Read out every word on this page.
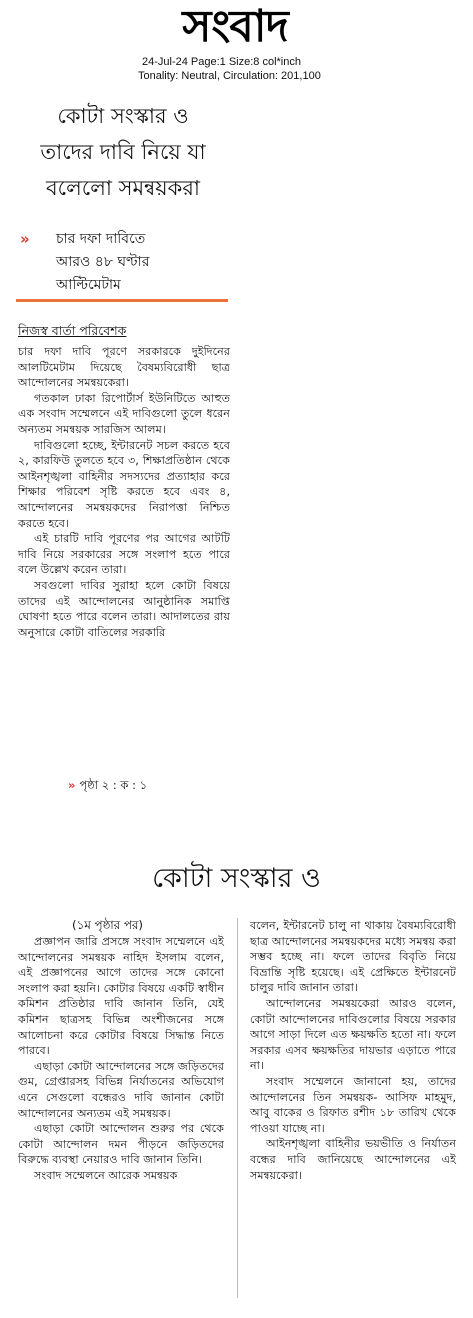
সংবাদ
24-Jul-24 Page:1 Size:8 col*inch
Tonality: Neutral, Circulation: 201,100
কোটা সংস্কার ও
তাদের দাবি নিয়ে যা
বলেলো সমন্বয়করা
» চার দফা দাবিতে
আরও ৪৮ ঘণ্টার
আল্টিমেটাম
নিজস্ব বার্তা পরিবেশক

চার দফা দাবি পূরণে সরকারকে দুইদিনের আলটিমেটাম দিয়েছে বৈষম্যবিরোধী ছাত্র আন্দোলনের সমন্বয়কেরা।

গতকাল ঢাকা রিপোর্টার্স ইউনিটিতে আহুত এক সংবাদ সম্মেলনে এই দাবিগুলো তুলে ধরেন অন্যতম সমন্বয়ক সারজিস আলম।

দাবিগুলো হচ্ছে, ইন্টারনেট সচল করতে হবে ২, কারফিউ তুলতে হবে ৩, শিক্ষাপ্রতিষ্ঠান থেকে আইনশৃঙ্খলা বাহিনীর সদস্যদের প্রত্যাহার করে শিক্ষার পরিবেশ সৃষ্টি করতে হবে এবং ৪, আন্দোলনের সমন্বয়কদের নিরাপত্তা নিশ্চিত করতে হবে।

এই চারটি দাবি পূরণের পর আগের আটটি দাবি নিয়ে সরকারের সঙ্গে সংলাপ হতে পারে বলে উল্লেখ করেন তারা।

সবগুলো দাবির সুরাহা হলে কোটা বিষয়ে তাদের এই আন্দোলনের আনুষ্ঠানিক সমাপ্তি ঘোষণা হতে পারে বলেন তারা। আদালতের রায় অনুসারে কোটা বাতিলের সরকারি

» পৃষ্ঠা ২ : ক : ১
কোটা সংস্কার ও
(১ম পৃষ্ঠার পর)

প্রজ্ঞাপন জারি প্রসঙ্গে সংবাদ সম্মেলনে এই আন্দোলনের সমন্বয়ক নাহিদ ইসলাম বলেন, এই প্রজ্ঞাপনের আগে তাদের সঙ্গে কোনো সংলাপ করা হয়নি। কোটার বিষয়ে একটি স্বাধীন কমিশন প্রতিষ্ঠার দাবি জানান তিনি, যেই কমিশন ছাত্রসহ বিভিন্ন অংশীজনের সঙ্গে আলোচনা করে কোটার বিষয়ে সিদ্ধান্ত নিতে পারবে।

এছাড়া কোটা আন্দোলনের সঙ্গে জড়িতদের গুম, গ্রেপ্তারসহ বিভিন্ন নির্যাতনের অভিযোগ এনে সেগুলো বন্ধেরও দাবি জানান কোটা আন্দোলনের অন্যতম এই সমন্বয়ক।

এছাড়া কোটা আন্দোলন শুরুর পর থেকে কোটা আন্দোলন দমন পীড়নে জড়িতদের বিরুদ্ধে ব্যবস্থা নেয়ারও দাবি জানান তিনি।

সংবাদ সম্মেলনে আরেক সমন্বয়ক

বলেন, ইন্টারনেট চালু না থাকায় বৈষম্যবিরোধী ছাত্র আন্দোলনের সমন্বয়কদের মধ্যে সমন্বয় করা সম্ভব হচ্ছে না। ফলে তাদের বিবৃতি নিয়ে বিভ্রান্তি সৃষ্টি হয়েছে। এই প্রেক্ষিতে ইন্টারনেট চালুর দাবি জানান তারা।

আন্দোলনের সমন্বয়কেরা আরও বলেন, কোটা আন্দোলনের দাবিগুলোর বিষয়ে সরকার আগে সাড়া দিলে এত ক্ষয়ক্ষতি হতো না। ফলে সরকার এসব ক্ষয়ক্ষতির দায়ভার এড়াতে পারে না।

সংবাদ সম্মেলনে জানানো হয়, তাদের আন্দোলনের তিন সমন্বয়ক- আসিফ মাহমুদ, আবু বাকের ও রিফাত রশীদ ১৮ তারিখ থেকে পাওয়া যাচ্ছে না।

আইনশৃঙ্খলা বাহিনীর ভয়ভীতি ও নির্যাতন বন্ধের দাবি জানিয়েছে আন্দোলনের এই সমন্বয়কেরা।
